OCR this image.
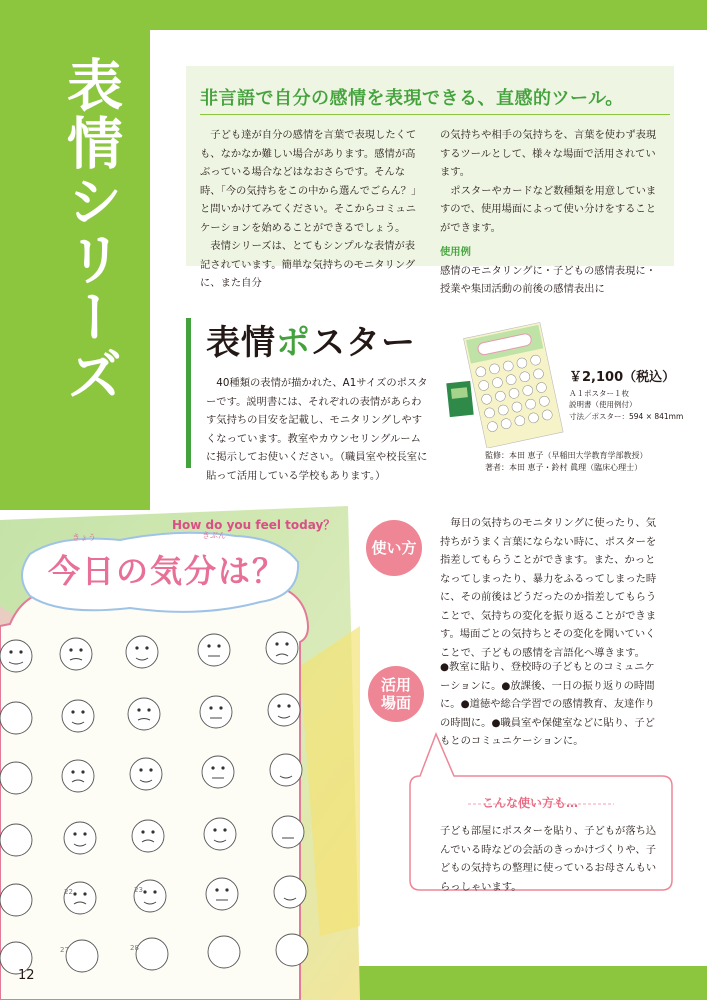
表情シリーズ	非言語で自分の感情を表現できる、直感的ツール。

子ども達が自分の感情を言葉で表現したくても、なかなか難しい場合があります。感情が高ぶっている場合などはなおさらです。そんな時、「今の気持ちをこの中から選んでごらん？」と問いかけてみてください。そこからコミュニケーションを始めることができるでしょう。

表情シリーズは、とてもシンプルな表情が表記されています。簡単な気持ちのモニタリングに、また自分

の気持ちや相手の気持ちを、言葉を使わず表現するツールとして、様々な場面で活用されています。

ポスターやカードなど数種類を用意していますので、使用場面によって使い分けをすることができます。

使用例

感情のモニタリングに・子どもの感情表現に・授業や集団活動の前後の感情表出に

表情ポスター

40種類の表情が描かれた、A1サイズのポスターです。説明書には、それぞれの表情があらわす気持ちの目安を記載し、モニタリングしやすくなっています。教室やカウンセリングルームに掲示してお使いください。（職員室や校長室に貼って活用している学校もあります。）

￥2,100（税込）
Ａ１ポスター１枚
説明書（使用例付）
寸法／ポスター：594 × 841mm
監修：本田 恵子（早稲田大学教育学部教授）
著者：本田 恵子・鈴村 眞理（臨床心理士）
How do you feel today？
きょう	きぶん
今日の気分は？
22	23
27	28
使い方

毎日の気持ちのモニタリングに使ったり、気持ちがうまく言葉にならない時に、ポスターを指差してもらうことができます。また、かっとなってしまったり、暴力をふるってしまった時に、その前後はどうだったのか指差してもらうことで、気持ちの変化を振り返ることができます。場面ごとの気持ちとその変化を聞いていくことで、子どもの感情を言語化へ導きます。

活用
場面

●教室に貼り、登校時の子どもとのコミュニケーションに。●放課後、一日の振り返りの時間に。●道徳や総合学習での感情教育、友達作りの時間に。●職員室や保健室などに貼り、子どもとのコミュニケーションに。

こんな使い方も…

子ども部屋にポスターを貼り、子どもが落ち込んでいる時などの会話のきっかけづくりや、子どもの気持ちの整理に使っているお母さんもいらっしゃいます。

12
